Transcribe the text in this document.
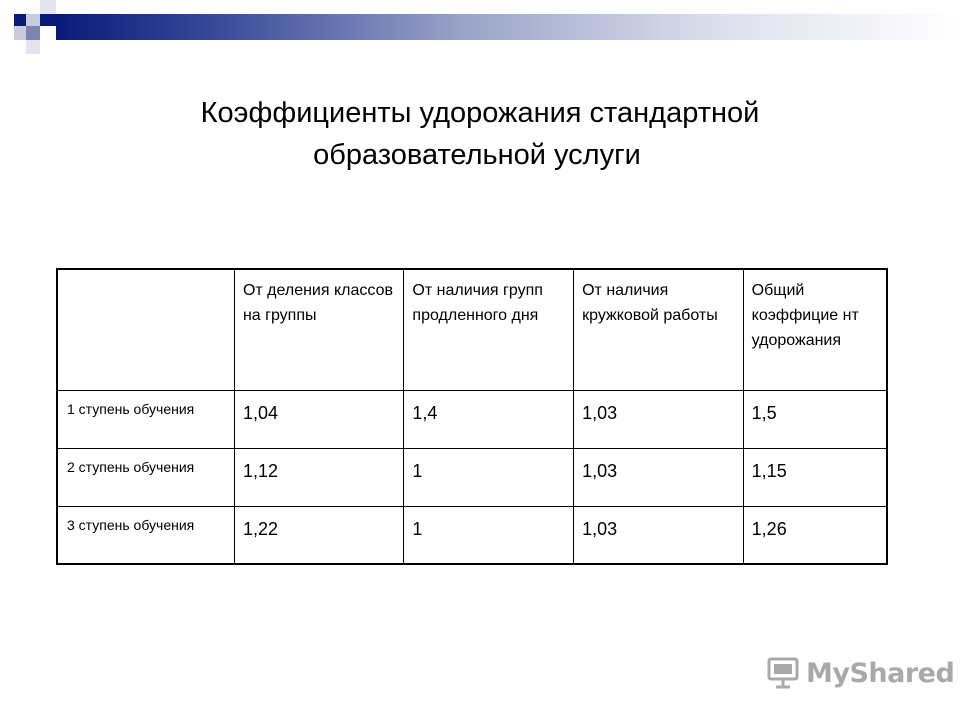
Коэффициенты удорожания стандартной
образовательной услуги
	От деления классов на группы	От наличия групп продленного дня	От наличия кружковой работы	Общий коэффицие нт удорожания
1 ступень обучения	1,04	1,4	1,03	1,5
2 ступень обучения	1,12	1	1,03	1,15
3 ступень обучения	1,22	1	1,03	1,26
MyShared
